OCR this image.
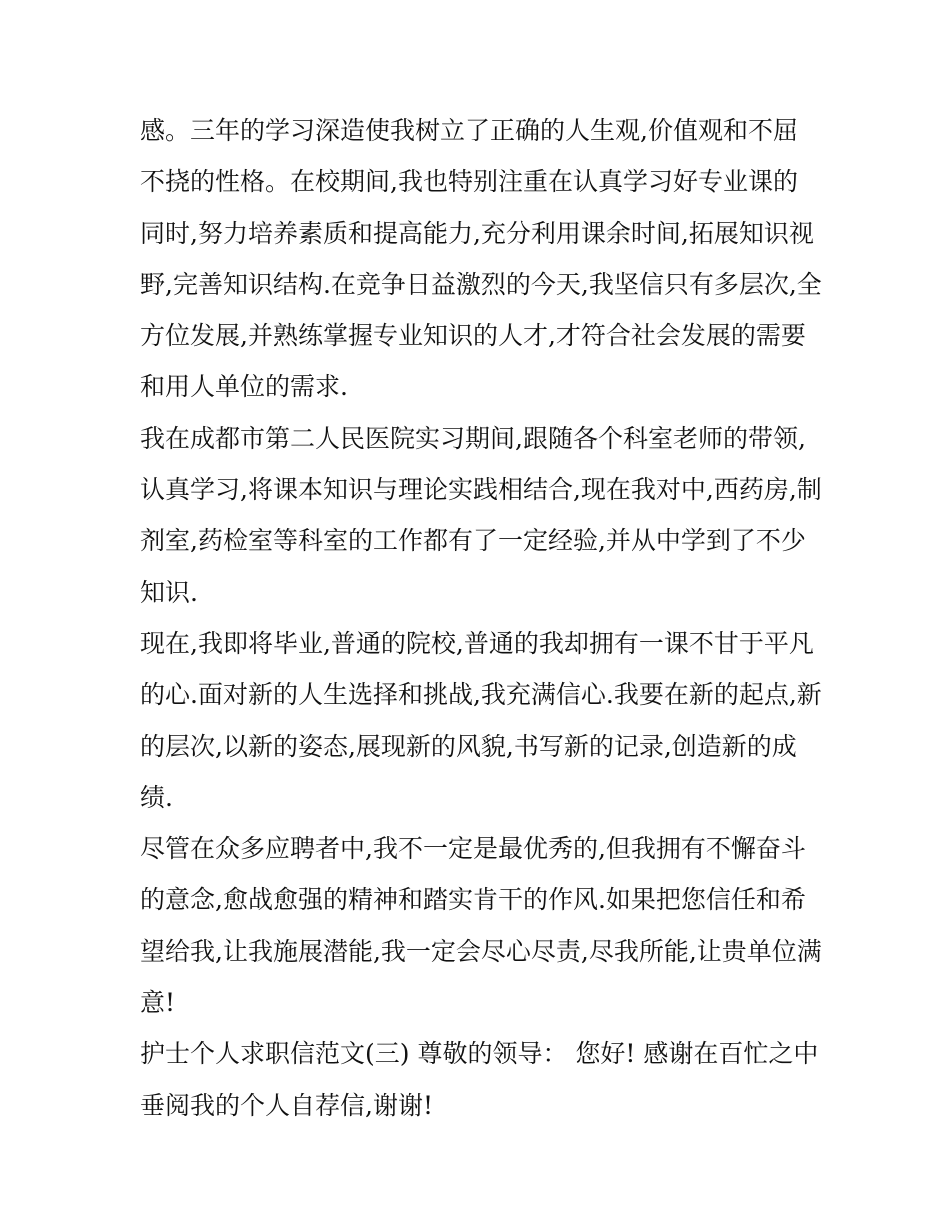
感。三年的学习深造使我树立了正确的人生观,价值观和不屈
不挠的性格。在校期间,我也特别注重在认真学习好专业课的
同时,努力培养素质和提高能力,充分利用课余时间,拓展知识视
野,完善知识结构.在竞争日益激烈的今天,我坚信只有多层次,全
方位发展,并熟练掌握专业知识的人才,才符合社会发展的需要
和用人单位的需求.
我在成都市第二人民医院实习期间,跟随各个科室老师的带领,
认真学习,将课本知识与理论实践相结合,现在我对中,西药房,制
剂室,药检室等科室的工作都有了一定经验,并从中学到了不少
知识.
现在,我即将毕业,普通的院校,普通的我却拥有一课不甘于平凡
的心.面对新的人生选择和挑战,我充满信心.我要在新的起点,新
的层次,以新的姿态,展现新的风貌,书写新的记录,创造新的成
绩.
尽管在众多应聘者中,我不一定是最优秀的,但我拥有不懈奋斗
的意念,愈战愈强的精神和踏实肯干的作风.如果把您信任和希
望给我,让我施展潜能,我一定会尽心尽责,尽我所能,让贵单位满
意!
护士个人求职信范文(三) 尊敬的领导： 您好! 感谢在百忙之中
垂阅我的个人自荐信,谢谢!
